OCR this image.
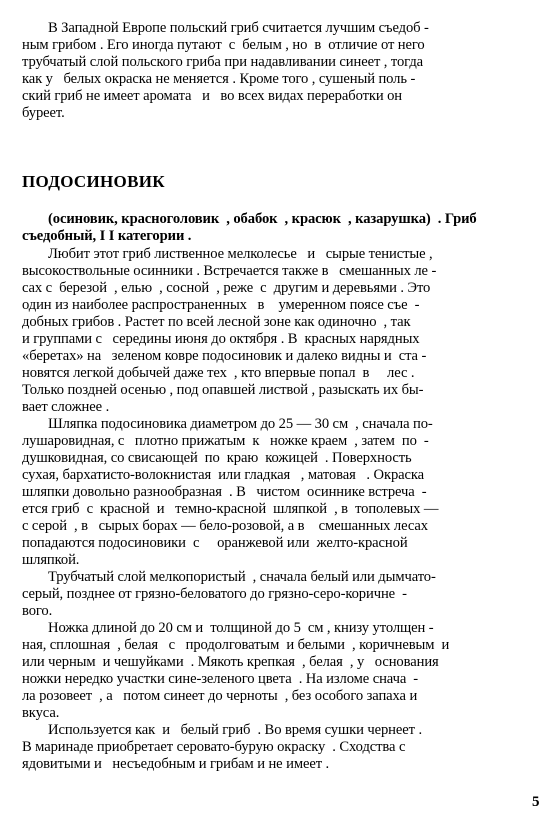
В Западной Европе польский гриб считается лучшим съедоб -
ным грибом . Его иногда путают  с  белым , но  в  отличие от него
трубчатый слой польского гриба при надавливании синеет , тогда
как у   белых окраска не меняется . Кроме того , сушеный поль -
ский гриб не имеет аромата   и   во всех видах переработки он
буреет.
ПОДОСИНОВИК
(осиновик, красноголовик  , обабок  , красюк  , казарушка)  . Гриб
съедобный, I I категории .
Любит этот гриб лиственное мелколесье   и   сырые тенистые ,
высокоствольные осинники . Встречается также в   смешанных ле -
сах с  березой  , елью  , сосной  , реже  с  другим и деревьями . Это
один из наиболее распространенных   в    умеренном поясе съе  -
добных грибов . Растет по всей лесной зоне как одиночно  , так
и группами с   середины июня до октября . В  красных нарядных
«беретах» на   зеленом ковре подосиновик и далеко видны и  ста -
новятся легкой добычей даже тех  , кто впервые попал  в     лес .
Только поздней осенью , под опавшей листвой , разыскать их бы-
вает сложнее .
Шляпка подосиновика диаметром до 25 — 30 см  , сначала по-
лушаровидная, с   плотно прижатым  к   ножке краем  , затем  по  -
душковидная, со свисающей  по  краю  кожицей  . Поверхность
сухая, бархатисто-волокнистая  или гладкая   , матовая   . Окраска
шляпки довольно разнообразная  . В   чистом  осиннике встреча  -
ется гриб  с  красной  и   темно-красной  шляпкой  , в  тополевых —
с серой  , в   сырых борах — бело-розовой, а в    смешанных лесах
попадаются подосиновики  с     оранжевой или  желто-красной
шляпкой.
Трубчатый слой мелкопористый  , сначала белый или дымчато-
серый, позднее от грязно-беловатого до грязно-серо-коричне  -
вого.
Ножка длиной до 20 см и  толщиной до 5  см , книзу утолщен -
ная, сплошная  , белая   с   продолговатым  и белыми  , коричневым  и
или черным  и чешуйками  . Мякоть крепкая  , белая  , у   основания
ножки нередко участки сине-зеленого цвета  . На изломе снача  -
ла розовеет  , а   потом синеет до черноты  , без особого запаха и
вкуса.
Используется как  и   белый гриб  . Во время сушки чернеет .
В маринаде приобретает серовато-бурую окраску  . Сходства с
ядовитыми и   несъедобным и грибам и не имеет .
5
